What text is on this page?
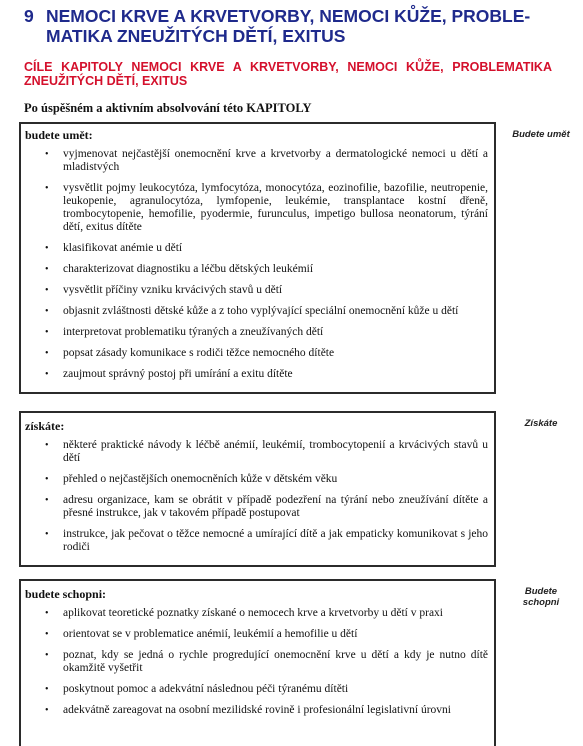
9 NEMOCI KRVE A KRVETVORBY, NEMOCI KŮŽE, PROBLE-
MATIKA ZNEUŽITÝCH DĚTÍ, EXITUS
CÍLE KAPITOLY NEMOCI KRVE A KRVETVORBY, NEMOCI KŮŽE, PROBLEMATIKA
ZNEUŽITÝCH DĚTÍ, EXITUS

Po úspěšném a aktivním absolvování této KAPITOLY

budete umět:

• vyjmenovat nejčastější onemocnění krve a krvetvorby a dermatologické nemoci u dětí a mladistvých
• vysvětlit pojmy leukocytóza, lymfocytóza, monocytóza, eozinofilie, bazofilie, neutropenie, leukopenie, agranulocytóza, lymfopenie, leukémie, transplantace kostní dřeně, trombocytopenie, hemofilie, pyodermie, furunculus, impetigo bullosa neonatorum, týrání dětí, exitus dítěte
• klasifikovat anémie u dětí
• charakterizovat diagnostiku a léčbu dětských leukémií
• vysvětlit příčiny vzniku krvácivých stavů u dětí
• objasnit zvláštnosti dětské kůže a z toho vyplývající speciální onemocnění kůže u dětí
• interpretovat problematiku týraných a zneužívaných dětí
• popsat zásady komunikace s rodiči těžce nemocného dítěte
• zaujmout správný postoj při umírání a exitu dítěte
Budete umět

získáte:

• některé praktické návody k léčbě anémií, leukémií, trombocytopenií a krvácivých stavů u dětí
• přehled o nejčastějších onemocněních kůže v dětském věku
• adresu organizace, kam se obrátit v případě podezření na týrání nebo zneužívání dítěte a přesné instrukce, jak v takovém případě postupovat
• instrukce, jak pečovat o těžce nemocné a umírající dítě a jak empaticky komunikovat s jeho rodiči
Získáte

budete schopni:

• aplikovat teoretické poznatky získané o nemocech krve a krvetvorby u dětí v praxi
• orientovat se v problematice anémií, leukémií a hemofilie u dětí
• poznat, kdy se jedná o rychle progredující onemocnění krve u dětí a kdy je nutno dítě okamžitě vyšetřit
• poskytnout pomoc a adekvátní následnou péči týranému dítěti
• adekvátně zareagovat na osobní mezilidské rovině i profesionální legislativní úrovni
Budete schopni
